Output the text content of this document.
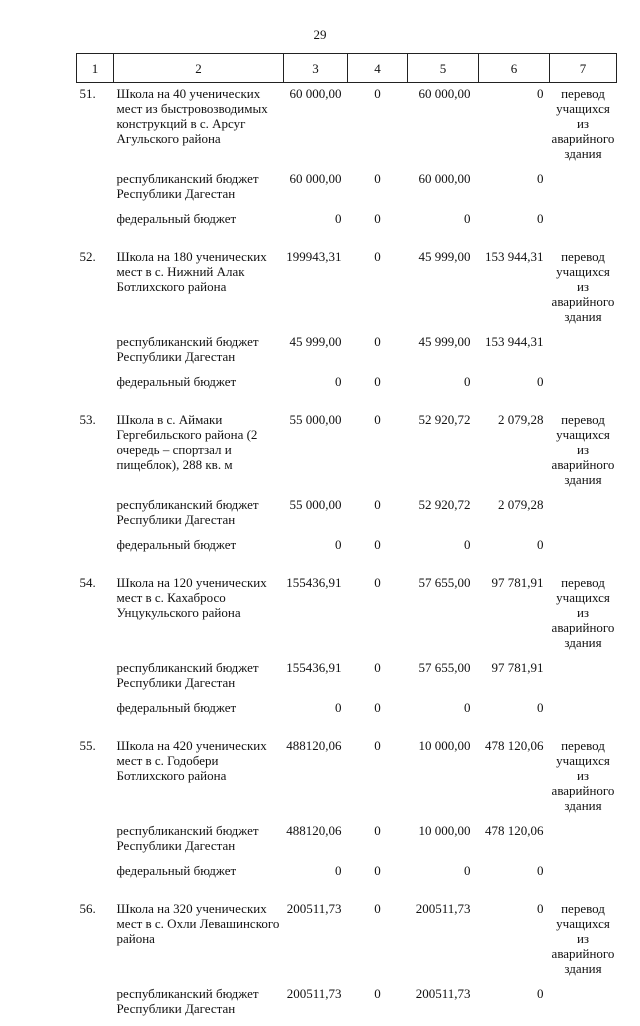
29
1	2	3	4	5	6	7
51.	Школа на 40 ученических мест из быстровозводимых конструкций в с. Арсуг Агульского района	60 000,00	0	60 000,00	0	перевод учащихся из аварийного здания

	республиканский бюджет Республики Дагестан	60 000,00	0	60 000,00	0	

	федеральный бюджет	0	0	0	0	

52.	Школа на 180 ученических мест в с. Нижний Алак Ботлихского района	199943,31	0	45 999,00	153 944,31	перевод учащихся из аварийного здания

	республиканский бюджет Республики Дагестан	45 999,00	0	45 999,00	153 944,31	

	федеральный бюджет	0	0	0	0	

53.	Школа в с. Аймаки Гергебильского района (2 очередь – спортзал и пищеблок), 288 кв. м	55 000,00	0	52 920,72	2 079,28	перевод учащихся из аварийного здания

	республиканский бюджет Республики Дагестан	55 000,00	0	52 920,72	2 079,28	

	федеральный бюджет	0	0	0	0	

54.	Школа на 120 ученических мест в с. Кахабросо Унцукульского района	155436,91	0	57 655,00	97 781,91	перевод учащихся из аварийного здания

	республиканский бюджет Республики Дагестан	155436,91	0	57 655,00	97 781,91	

	федеральный бюджет	0	0	0	0	

55.	Школа на 420 ученических мест в с. Годобери Ботлихского района	488120,06	0	10 000,00	478 120,06	перевод учащихся из аварийного здания

	республиканский бюджет Республики Дагестан	488120,06	0	10 000,00	478 120,06	

	федеральный бюджет	0	0	0	0	

56.	Школа на 320 ученических мест в с. Охли Левашинского района	200511,73	0	200511,73	0	перевод учащихся из аварийного здания

	республиканский бюджет Республики Дагестан	200511,73	0	200511,73	0	
